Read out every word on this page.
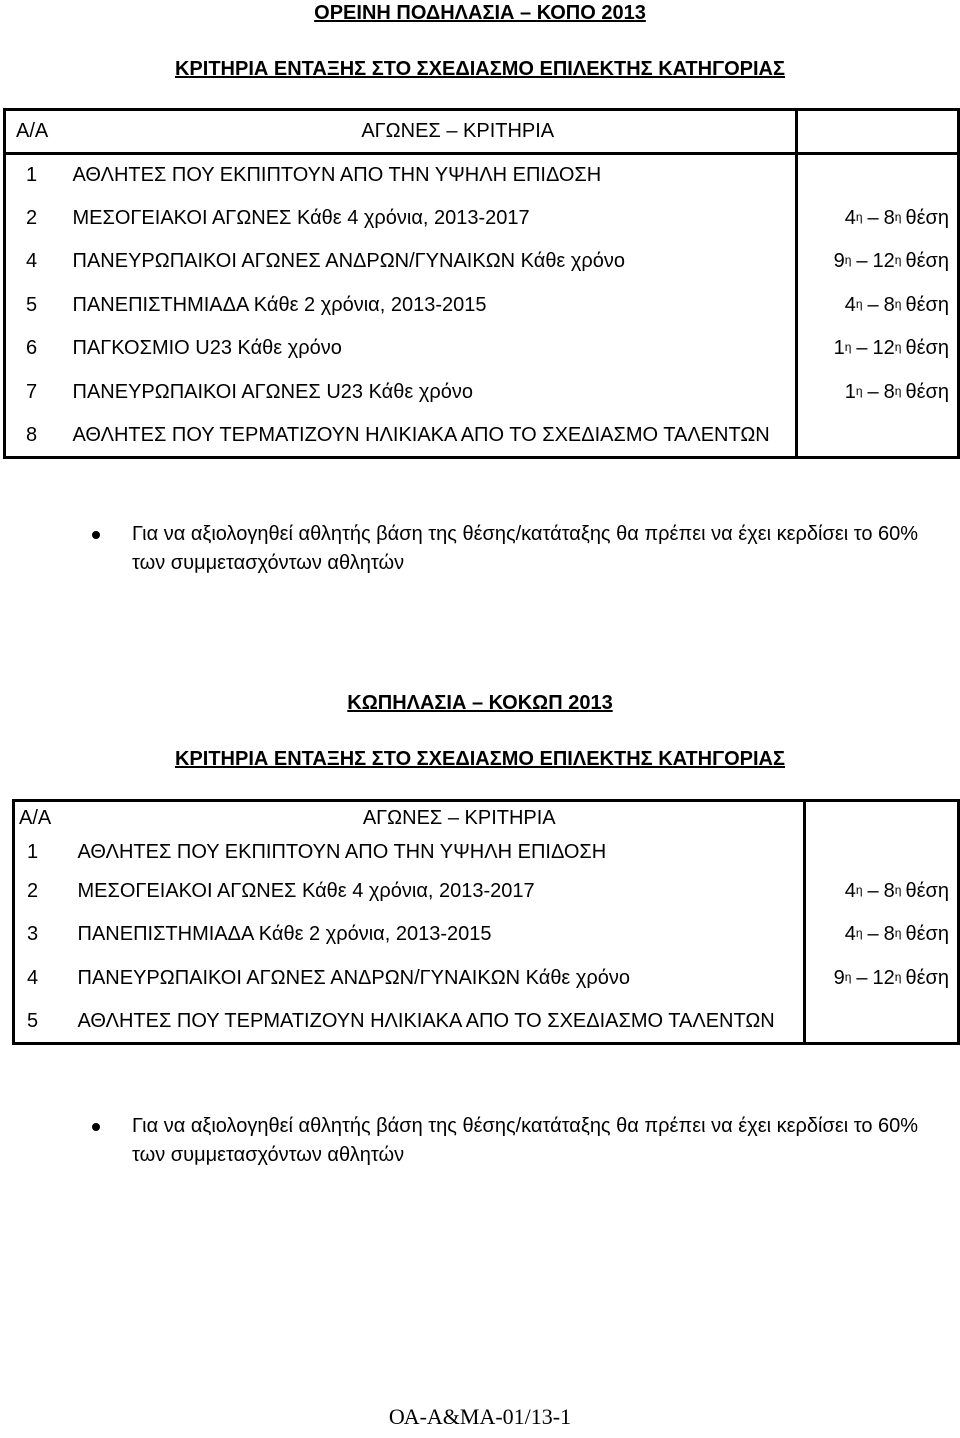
ΟΡΕΙΝΗ ΠΟΔΗΛΑΣΙΑ – ΚΟΠΟ 2013
ΚΡΙΤΗΡΙΑ ΕΝΤΑΞΗΣ ΣΤΟ ΣΧΕΔΙΑΣΜΟ ΕΠΙΛΕΚΤΗΣ ΚΑΤΗΓΟΡΙΑΣ
Α/Α	ΑΓΩΝΕΣ – ΚΡΙΤΗΡΙΑ	
1	ΑΘΛΗΤΕΣ ΠΟΥ ΕΚΠΙΠΤΟΥΝ ΑΠΟ ΤΗΝ ΥΨΗΛΗ ΕΠΙΔΟΣΗ	
2	ΜΕΣΟΓΕΙΑΚΟΙ ΑΓΩΝΕΣ Κάθε 4 χρόνια, 2013-2017	$4^\eta - 8^\eta$ θέση
4	ΠΑΝΕΥΡΩΠΑΙΚΟΙ ΑΓΩΝΕΣ ΑΝΔΡΩΝ/ΓΥΝΑΙΚΩΝ Κάθε χρόνο	$9^\eta - 12^\eta$ θέση
5	ΠΑΝΕΠΙΣΤΗΜΙΑΔΑ Κάθε 2 χρόνια, 2013-2015	$4^\eta - 8^\eta$ θέση
6	ΠΑΓΚΟΣΜΙΟ U23 Κάθε χρόνο	$1^\eta - 12^\eta$ θέση
7	ΠΑΝΕΥΡΩΠΑΙΚΟΙ ΑΓΩΝΕΣ U23 Κάθε χρόνο	$1^\eta - 8^\eta$ θέση
8	ΑΘΛΗΤΕΣ ΠΟΥ ΤΕΡΜΑΤΙΖΟΥΝ ΗΛΙΚΙΑΚΑ ΑΠΟ ΤΟ ΣΧΕΔΙΑΣΜΟ ΤΑΛΕΝΤΩΝ	
Για να αξιολογηθεί αθλητής βάση της θέσης/κατάταξης θα πρέπει να έχει κερδίσει το 60% των συμμετασχόντων αθλητών
ΚΩΠΗΛΑΣΙΑ – ΚΟΚΩΠ 2013
ΚΡΙΤΗΡΙΑ ΕΝΤΑΞΗΣ ΣΤΟ ΣΧΕΔΙΑΣΜΟ ΕΠΙΛΕΚΤΗΣ ΚΑΤΗΓΟΡΙΑΣ
Α/Α	ΑΓΩΝΕΣ – ΚΡΙΤΗΡΙΑ	
1	ΑΘΛΗΤΕΣ ΠΟΥ ΕΚΠΙΠΤΟΥΝ ΑΠΟ ΤΗΝ ΥΨΗΛΗ ΕΠΙΔΟΣΗ	
2	ΜΕΣΟΓΕΙΑΚΟΙ ΑΓΩΝΕΣ Κάθε 4 χρόνια, 2013-2017	$4^\eta - 8^\eta$ θέση
3	ΠΑΝΕΠΙΣΤΗΜΙΑΔΑ Κάθε 2 χρόνια, 2013-2015	$4^\eta - 8^\eta$ θέση
4	ΠΑΝΕΥΡΩΠΑΙΚΟΙ ΑΓΩΝΕΣ ΑΝΔΡΩΝ/ΓΥΝΑΙΚΩΝ Κάθε χρόνο	$9^\eta - 12^\eta$ θέση
5	ΑΘΛΗΤΕΣ ΠΟΥ ΤΕΡΜΑΤΙΖΟΥΝ ΗΛΙΚΙΑΚΑ ΑΠΟ ΤΟ ΣΧΕΔΙΑΣΜΟ ΤΑΛΕΝΤΩΝ	
Για να αξιολογηθεί αθλητής βάση της θέσης/κατάταξης θα πρέπει να έχει κερδίσει το 60% των συμμετασχόντων αθλητών
ΟΑ-Α&ΜΑ-01/13-1
